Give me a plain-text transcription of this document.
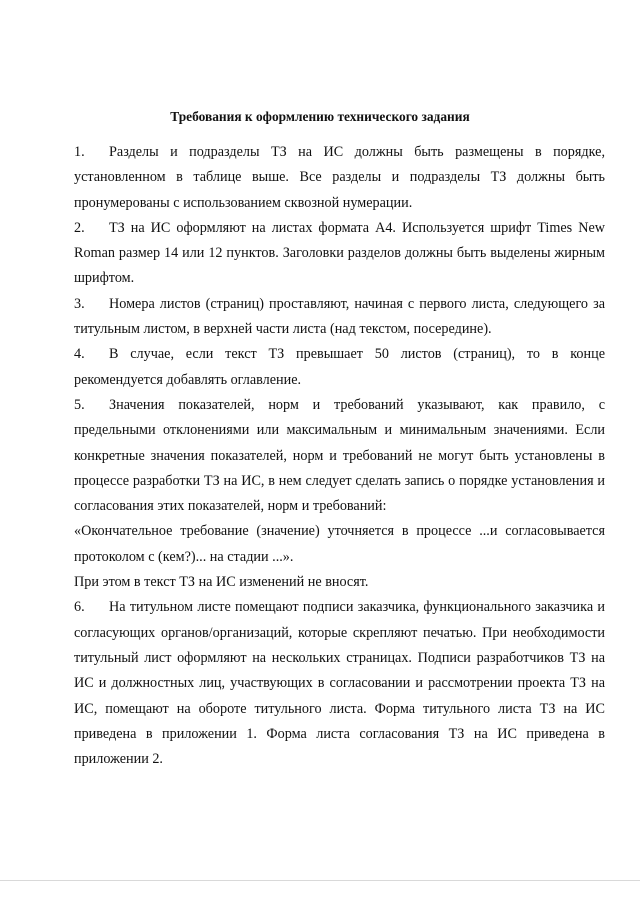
Требования к оформлению технического задания

1. Разделы и подразделы ТЗ на ИС должны быть размещены в порядке, установленном в таблице выше. Все разделы и подразделы ТЗ должны быть пронумерованы с использованием сквозной нумерации.

2. ТЗ на ИС оформляют на листах формата А4. Используется шрифт Times New Roman размер 14 или 12 пунктов. Заголовки разделов должны быть выделены жирным шрифтом.

3. Номера листов (страниц) проставляют, начиная с первого листа, следующего за титульным листом, в верхней части листа (над текстом, посередине).

4. В случае, если текст ТЗ превышает 50 листов (страниц), то в конце рекомендуется добавлять оглавление.

5. Значения показателей, норм и требований указывают, как правило, с предельными отклонениями или максимальным и минимальным значениями. Если конкретные значения показателей, норм и требований не могут быть установлены в процессе разработки ТЗ на ИС, в нем следует сделать запись о порядке установления и согласования этих показателей, норм и требований:

«Окончательное требование (значение) уточняется в процессе ...и согласовывается протоколом с (кем?)... на стадии ...».

При этом в текст ТЗ на ИС изменений не вносят.

6. На титульном листе помещают подписи заказчика, функционального заказчика и согласующих органов/организаций, которые скрепляют печатью. При необходимости титульный лист оформляют на нескольких страницах. Подписи разработчиков ТЗ на ИС и должностных лиц, участвующих в согласовании и рассмотрении проекта ТЗ на ИС, помещают на обороте титульного листа. Форма титульного листа ТЗ на ИС приведена в приложении 1. Форма листа согласования ТЗ на ИС приведена в приложении 2.
